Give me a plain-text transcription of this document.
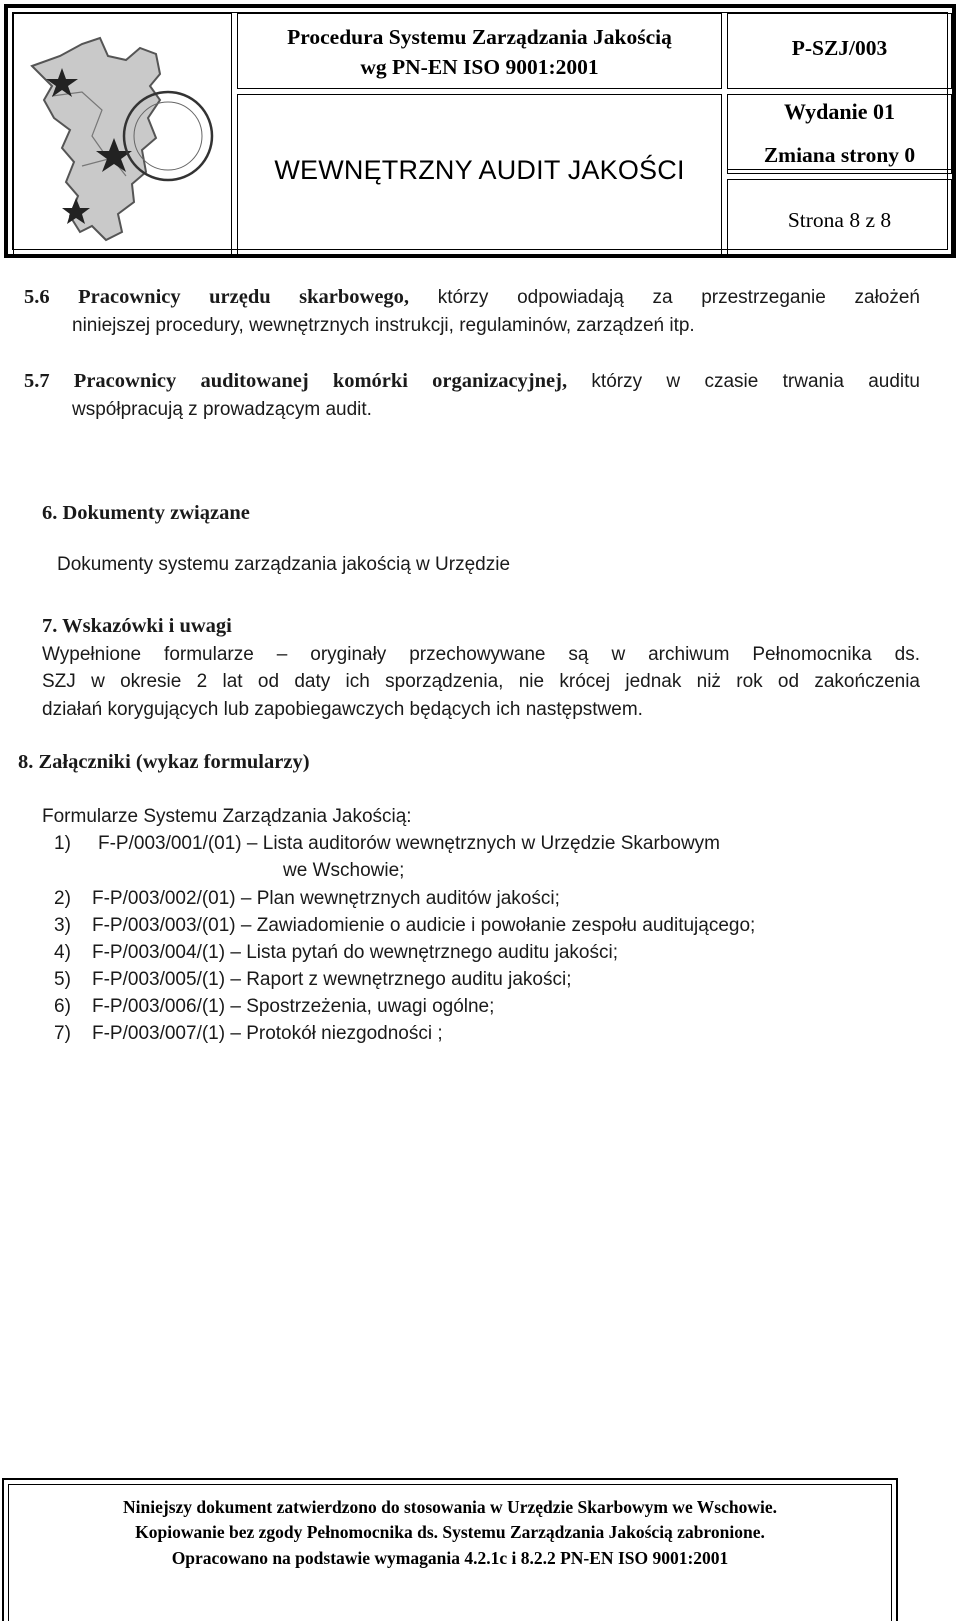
Procedura Systemu Zarządzania Jakością
wg PN-EN ISO 9001:2001
P-SZJ/003
WEWNĘTRZNY AUDIT JAKOŚCI
Wydanie 01
Zmiana strony 0
Strona 8 z 8
5.6 Pracownicy urzędu skarbowego, którzy odpowiadają za przestrzeganie założeń
niniejszej procedury, wewnętrznych instrukcji, regulaminów, zarządzeń itp.
5.7 Pracownicy auditowanej komórki organizacyjnej, którzy w czasie trwania auditu
współpracują z prowadzącym audit.
6. Dokumenty związane
Dokumenty systemu zarządzania jakością w Urzędzie
7. Wskazówki i uwagi
Wypełnione formularze – oryginały przechowywane są w archiwum Pełnomocnika ds.
SZJ w okresie 2 lat od daty ich sporządzenia, nie krócej jednak niż rok od zakończenia
działań korygujących lub zapobiegawczych będących ich następstwem.
8. Załączniki (wykaz formularzy)
Formularze Systemu Zarządzania Jakością:
1) F-P/003/001/(01) – Lista auditorów wewnętrznych w Urzędzie Skarbowym
we Wschowie;
2) F-P/003/002/(01) – Plan wewnętrznych auditów jakości;
3) F-P/003/003/(01) – Zawiadomienie o audicie i powołanie zespołu auditującego;
4) F-P/003/004/(1) – Lista pytań do wewnętrznego auditu jakości;
5) F-P/003/005/(1) – Raport z wewnętrznego auditu jakości;
6) F-P/003/006/(1) – Spostrzeżenia, uwagi ogólne;
7) F-P/003/007/(1) – Protokół niezgodności ;
Niniejszy dokument zatwierdzono do stosowania w Urzędzie Skarbowym we Wschowie.
Kopiowanie bez zgody Pełnomocnika ds. Systemu Zarządzania Jakością zabronione.
Opracowano na podstawie wymagania 4.2.1c i 8.2.2 PN-EN ISO 9001:2001
